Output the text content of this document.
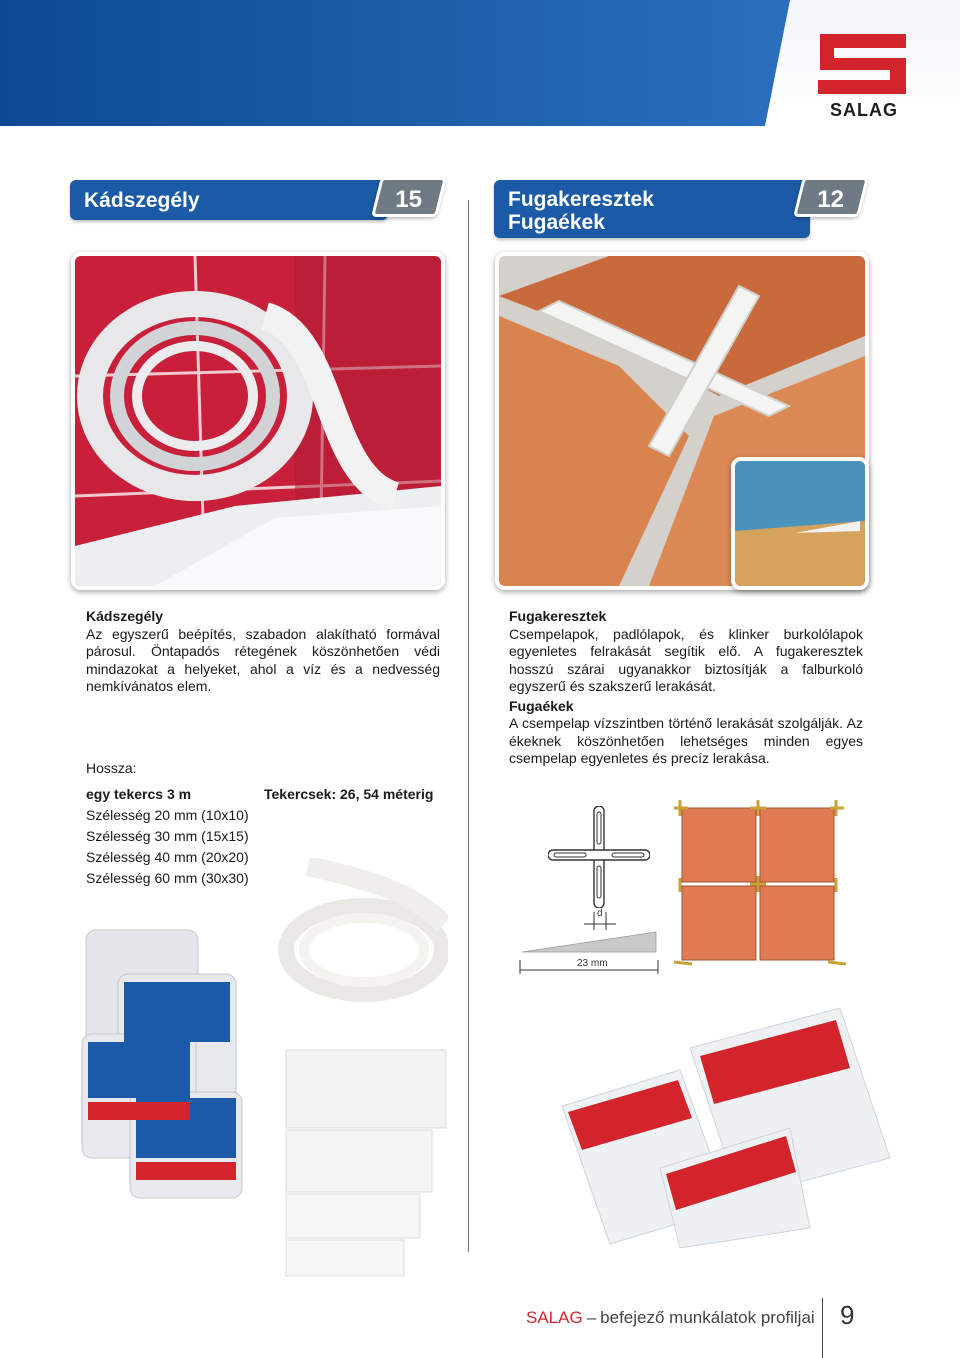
SALAG
Kádszegély	15	Fugakeresztek
Fugaékek
12
Kádszegély
Az egyszerű beépítés, szabadon alakítható formával párosul. Öntapadós rétegének köszönhetően védi mindazokat a helyeket, ahol a víz és a nedvesség nemkívánatos elem.
Hossza:
egy tekercs 3 m
Szélesség 20 mm (10x10)
Szélesség 30 mm (15x15)
Szélesség 40 mm (20x20)
Szélesség 60 mm (30x30)
Tekercsek: 26, 54 méterig
Fugakeresztek
Csempelapok, padlólapok, és klinker burkolólapok egyenletes felrakását segítik elő. A fugakeresztek hosszú szárai ugyanakkor biztosítják a falburkoló egyszerű és szakszerű lerakását.
Fugaékek
A csempelap vízszintben történő lerakását szolgálják. Az ékeknek köszönhetően lehetséges minden egyes csempelap egyenletes és precíz lerakása.
d
23 mm
SALAG – befejező munkálatok profiljai 9
